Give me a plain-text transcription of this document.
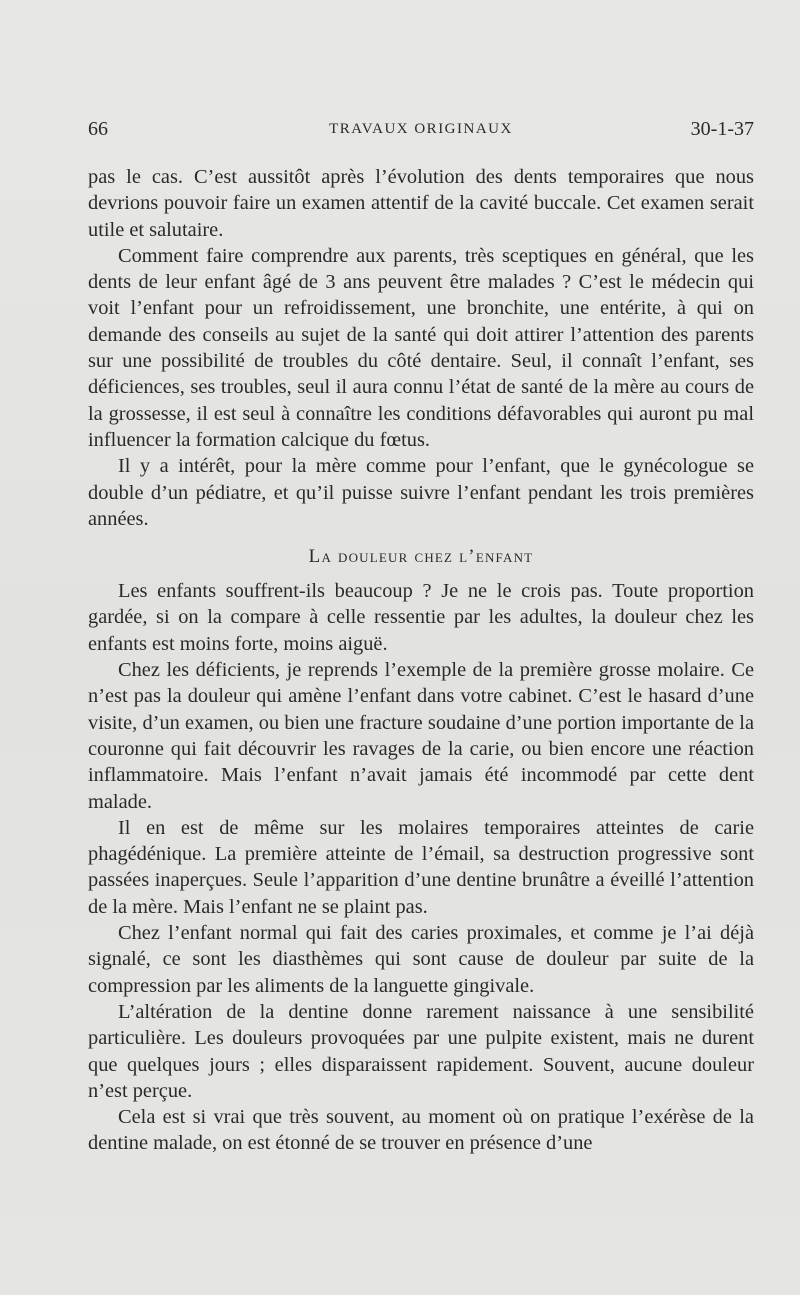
66	TRAVAUX ORIGINAUX	30-1-37

pas le cas. C’est aussitôt après l’évolution des dents temporaires que nous devrions pouvoir faire un examen attentif de la cavité buccale. Cet examen serait utile et salutaire.

Comment faire comprendre aux parents, très sceptiques en général, que les dents de leur enfant âgé de 3 ans peuvent être malades ? C’est le médecin qui voit l’enfant pour un refroidissement, une bronchite, une entérite, à qui on demande des conseils au sujet de la santé qui doit attirer l’attention des parents sur une possibilité de troubles du côté dentaire. Seul, il connaît l’enfant, ses déficiences, ses troubles, seul il aura connu l’état de santé de la mère au cours de la grossesse, il est seul à connaître les conditions défavorables qui auront pu mal influencer la formation calcique du fœtus.

Il y a intérêt, pour la mère comme pour l’enfant, que le gynécologue se double d’un pédiatre, et qu’il puisse suivre l’enfant pendant les trois premières années.

La douleur chez l’enfant

Les enfants souffrent-ils beaucoup ? Je ne le crois pas. Toute proportion gardée, si on la compare à celle ressentie par les adultes, la douleur chez les enfants est moins forte, moins aiguë.

Chez les déficients, je reprends l’exemple de la première grosse molaire. Ce n’est pas la douleur qui amène l’enfant dans votre cabinet. C’est le hasard d’une visite, d’un examen, ou bien une fracture soudaine d’une portion importante de la couronne qui fait découvrir les ravages de la carie, ou bien encore une réaction inflammatoire. Mais l’enfant n’avait jamais été incommodé par cette dent malade.

Il en est de même sur les molaires temporaires atteintes de carie phagédénique. La première atteinte de l’émail, sa destruction progressive sont passées inaperçues. Seule l’apparition d’une dentine brunâtre a éveillé l’attention de la mère. Mais l’enfant ne se plaint pas.

Chez l’enfant normal qui fait des caries proximales, et comme je l’ai déjà signalé, ce sont les diasthèmes qui sont cause de douleur par suite de la compression par les aliments de la languette gingivale.

L’altération de la dentine donne rarement naissance à une sensibilité particulière. Les douleurs provoquées par une pulpite existent, mais ne durent que quelques jours ; elles disparaissent rapidement. Souvent, aucune douleur n’est perçue.

Cela est si vrai que très souvent, au moment où on pratique l’exérèse de la dentine malade, on est étonné de se trouver en présence d’une
